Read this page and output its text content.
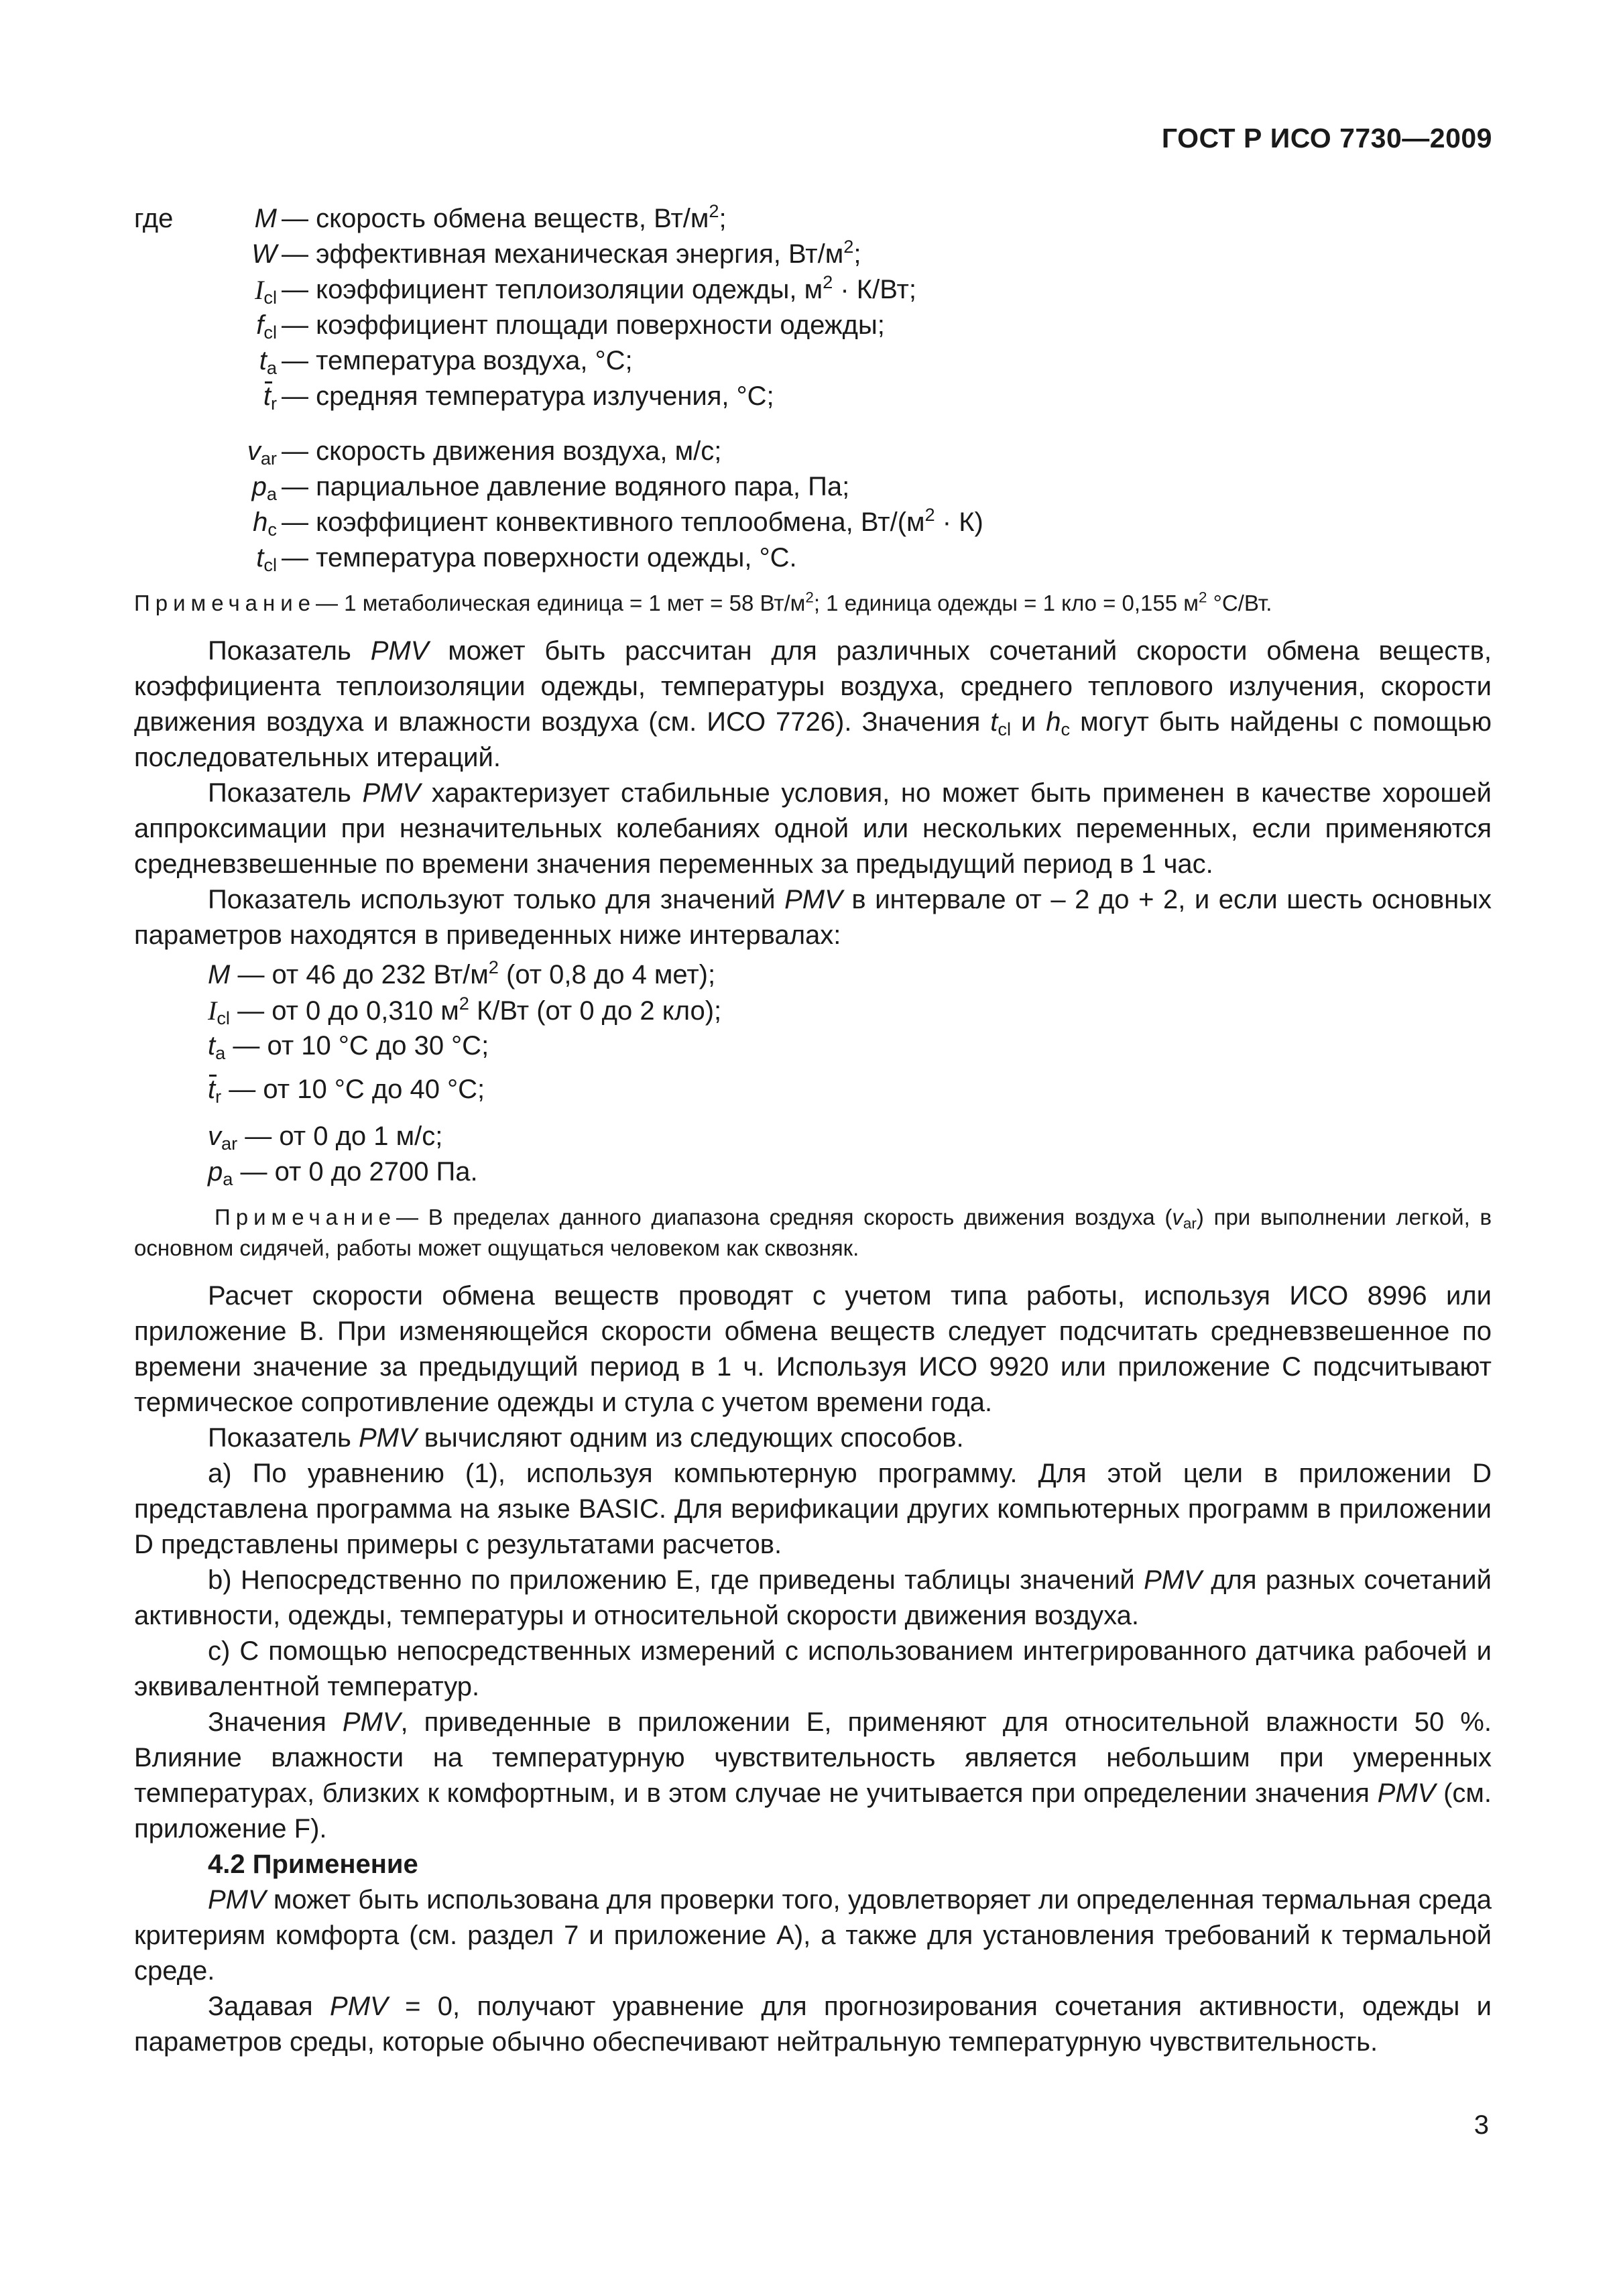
ГОСТ Р ИСО 7730—2009
где	M — скорость обмена веществ, $Вт/м^2$;
W — эффективная механическая энергия, $Вт/м^2$;
$I_{cl}$ — коэффициент теплоизоляции одежды, $м^2 \cdot К/Вт$;
$f_{cl}$ — коэффициент площади поверхности одежды;
$t_a$ — температура воздуха, °С;
$t_r$ — средняя температура излучения, °С;
$v_{ar}$ — скорость движения воздуха, м/с;
$p_a$ — парциальное давление водяного пара, Па;
$h_c$ — коэффициент конвективного теплообмена, $Вт/(м^2 \cdot К)$
$t_{cl}$ — температура поверхности одежды, °С.
Примечание— 1 метаболическая единица = 1 мет = 58 $Вт/м^2$; 1 единица одежды = 1 кло = 0,155 $м^2$ °С/Вт.

Показатель PMV может быть рассчитан для различных сочетаний скорости обмена веществ, коэффициента теплоизоляции одежды, температуры воздуха, среднего теплового излучения, скорости движения воздуха и влажности воздуха (см. ИСО 7726). Значения $t_{cl}$ и $h_c$ могут быть найдены с помощью последовательных итераций.

Показатель PMV характеризует стабильные условия, но может быть применен в качестве хорошей аппроксимации при незначительных колебаниях одной или нескольких переменных, если применяются средневзвешенные по времени значения переменных за предыдущий период в 1 час.

Показатель используют только для значений PMV в интервале от – 2 до + 2, и если шесть основных параметров находятся в приведенных ниже интервалах:

M — от 46 до 232 $Вт/м^2$ (от 0,8 до 4 мет);
$I_{cl}$ — от 0 до 0,310 $м^2$ К/Вт (от 0 до 2 кло);
$t_a$ — от 10 °С до 30 °С;
$t_r$ — от 10 °С до 40 °С;
$v_{ar}$ — от 0 до 1 м/с;
$p_a$ — от 0 до 2700 Па.
Примечание— В пределах данного диапазона средняя скорость движения воздуха $(v_{ar})$ при выполнении легкой, в основном сидячей, работы может ощущаться человеком как сквозняк.

Расчет скорости обмена веществ проводят с учетом типа работы, используя ИСО 8996 или приложение В. При изменяющейся скорости обмена веществ следует подсчитать средневзвешенное по времени значение за предыдущий период в 1 ч. Используя ИСО 9920 или приложение С подсчитывают термическое сопротивление одежды и стула с учетом времени года.

Показатель PMV вычисляют одним из следующих способов.

a) По уравнению (1), используя компьютерную программу. Для этой цели в приложении D представлена программа на языке BASIC. Для верификации других компьютерных программ в приложении D представлены примеры с результатами расчетов.

b) Непосредственно по приложению Е, где приведены таблицы значений PMV для разных сочетаний активности, одежды, температуры и относительной скорости движения воздуха.

c) С помощью непосредственных измерений с использованием интегрированного датчика рабочей и эквивалентной температур.

Значения PMV, приведенные в приложении Е, применяют для относительной влажности 50 %. Влияние влажности на температурную чувствительность является небольшим при умеренных температурах, близких к комфортным, и в этом случае не учитывается при определении значения PMV (см. приложение F).

4.2 Применение

PMV может быть использована для проверки того, удовлетворяет ли определенная термальная среда критериям комфорта (см. раздел 7 и приложение А), а также для установления требований к термальной среде.

Задавая PMV = 0, получают уравнение для прогнозирования сочетания активности, одежды и параметров среды, которые обычно обеспечивают нейтральную температурную чувствительность.

3
